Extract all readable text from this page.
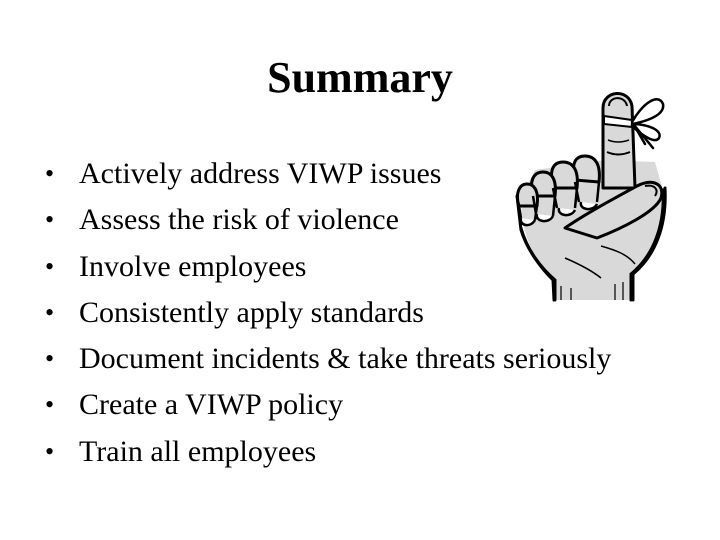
Summary
• Actively address VIWP issues
• Assess the risk of violence
• Involve employees
• Consistently apply standards
• Document incidents & take threats seriously
• Create a VIWP policy
• Train all employees
